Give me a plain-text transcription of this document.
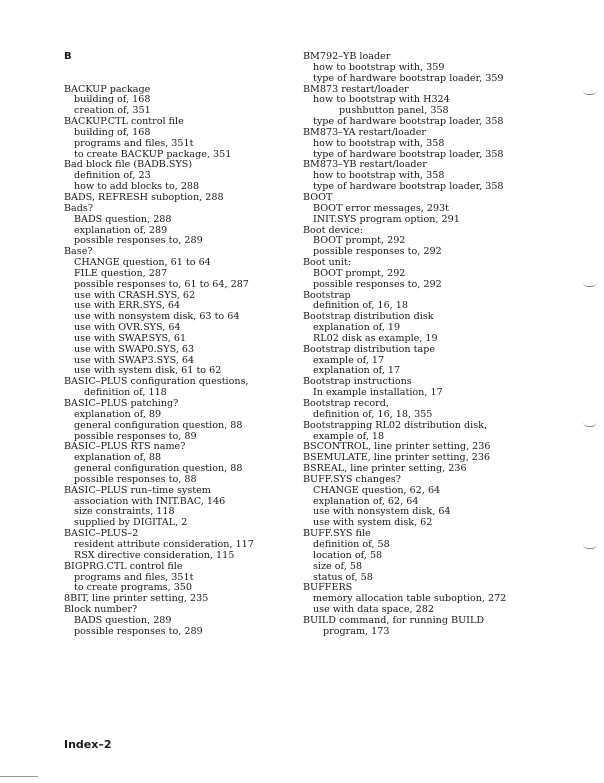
B
BACKUP package
building of, 168
creation of, 351
BACKUP.CTL control file
building of, 168
programs and files, 351t
to create BACKUP package, 351
Bad block file (BADB.SYS)
definition of, 23
how to add blocks to, 288
BADS, REFRESH suboption, 288
Bads?
BADS question, 288
explanation of, 289
possible responses to, 289
Base?
CHANGE question, 61 to 64
FILE question, 287
possible responses to, 61 to 64, 287
use with CRASH.SYS, 62
use with ERR.SYS, 64
use with nonsystem disk, 63 to 64
use with OVR.SYS, 64
use with SWAP.SYS, 61
use with SWAP0.SYS, 63
use with SWAP3.SYS, 64
use with system disk, 61 to 62
BASIC–PLUS configuration questions,
definition of, 118
BASIC–PLUS patching?
explanation of, 89
general configuration question, 88
possible responses to, 89
BASIC–PLUS RTS name?
explanation of, 88
general configuration question, 88
possible responses to, 88
BASIC–PLUS run–time system
association with INIT.BAC, 146
size constraints, 118
supplied by DIGITAL, 2
BASIC–PLUS–2
resident attribute consideration, 117
RSX directive consideration, 115
BIGPRG.CTL control file
programs and files, 351t
to create programs, 350
8BIT, line printer setting, 235
Block number?
BADS question, 289
possible responses to, 289
BM792–YB loader
how to bootstrap with, 359
type of hardware bootstrap loader, 359
BM873 restart/loader
how to bootstrap with H324
pushbutton panel, 358
type of hardware bootstrap loader, 358
BM873–YA restart/loader
how to bootstrap with, 358
type of hardware bootstrap loader, 358
BM873–YB restart/loader
how to bootstrap with, 358
type of hardware bootstrap loader, 358
BOOT
BOOT error messages, 293t
INIT.SYS program option, 291
Boot device:
BOOT prompt, 292
possible responses to, 292
Boot unit:
BOOT prompt, 292
possible responses to, 292
Bootstrap
definition of, 16, 18
Bootstrap distribution disk
explanation of, 19
RL02 disk as example, 19
Bootstrap distribution tape
example of, 17
explanation of, 17
Bootstrap instructions
In example installation, 17
Bootstrap record,
definition of, 16, 18, 355
Bootstrapping RL02 distribution disk,
example of, 18
BSCONTROL, line printer setting, 236
BSEMULATE, line printer setting, 236
BSREAL, line printer setting, 236
BUFF.SYS changes?
CHANGE question, 62, 64
explanation of, 62, 64
use with nonsystem disk, 64
use with system disk, 62
BUFF.SYS file
definition of, 58
location of, 58
size of, 58
status of, 58
BUFFERS
memory allocation table suboption, 272
use with data space, 282
BUILD command, for running BUILD
program, 173
Index–2
